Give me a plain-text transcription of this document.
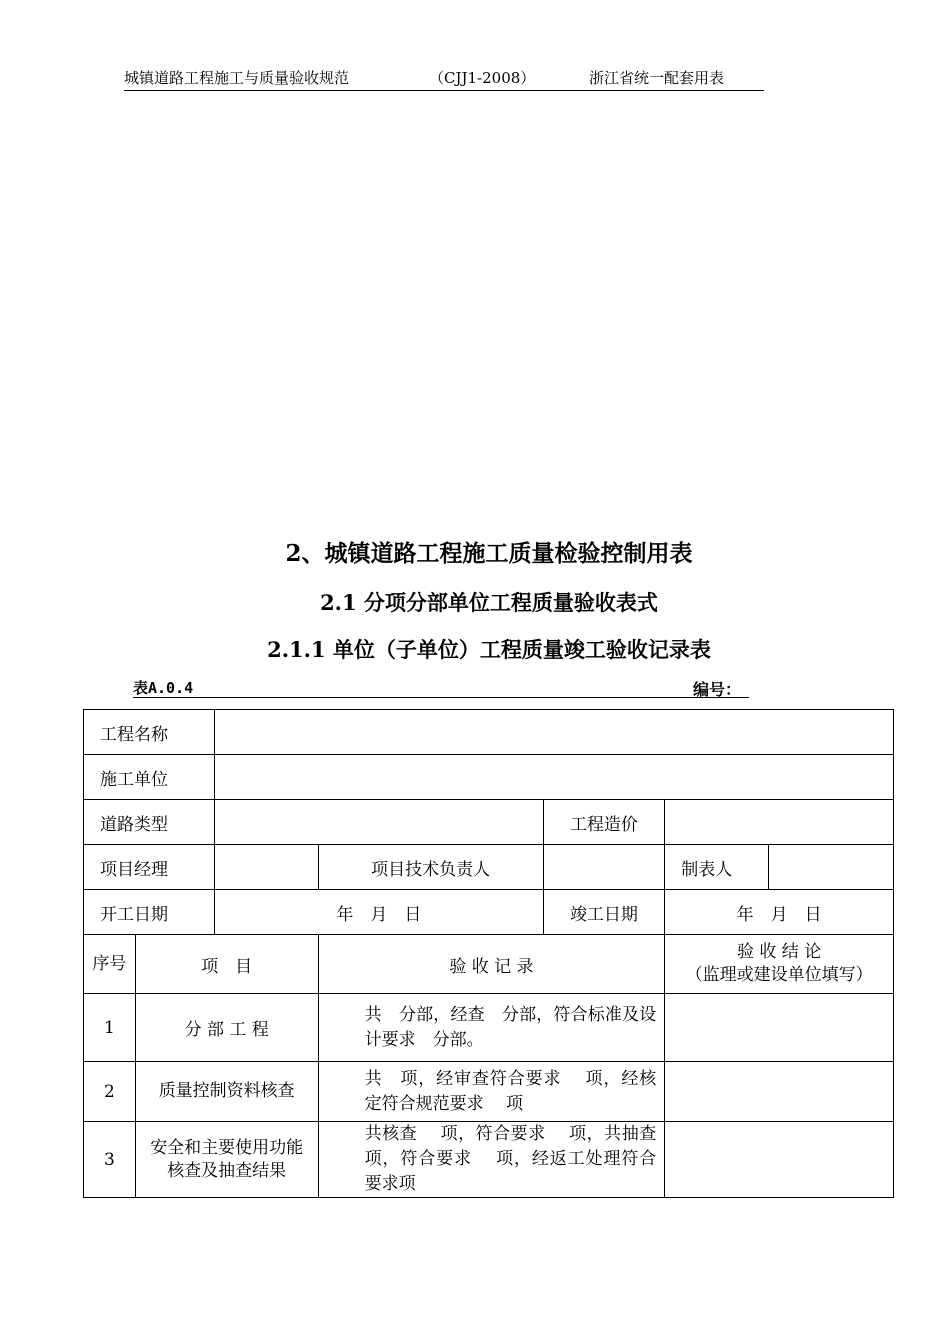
城镇道路工程施工与质量验收规范	（CJJ1-2008）	浙江省统一配套用表
2、城镇道路工程施工质量检验控制用表
2.1 分项分部单位工程质量验收表式
2.1.1 单位（子单位）工程质量竣工验收记录表
表A.0.4	编号：
工程名称						
施工单位						
道路类型				工程造价		
项目经理			项目技术负责人		制表人	
开工日期		年　月　日		竣工日期	年　月　日	
序号	项　目		验 收 记 录		验 收 结 论
（监理或建设单位填写）	

1	分 部 工 程		共　分部，经查　分部，符合标准及设计要求　分部。			

2	质量控制资料核查		共　项，经审查符合要求　 项，经核定符合规范要求　 项			

3	安全和主要使用功能核查及抽查结果		共核查　 项，符合要求　 项，共抽查项，符合要求　 项，经返工处理符合要求项			
